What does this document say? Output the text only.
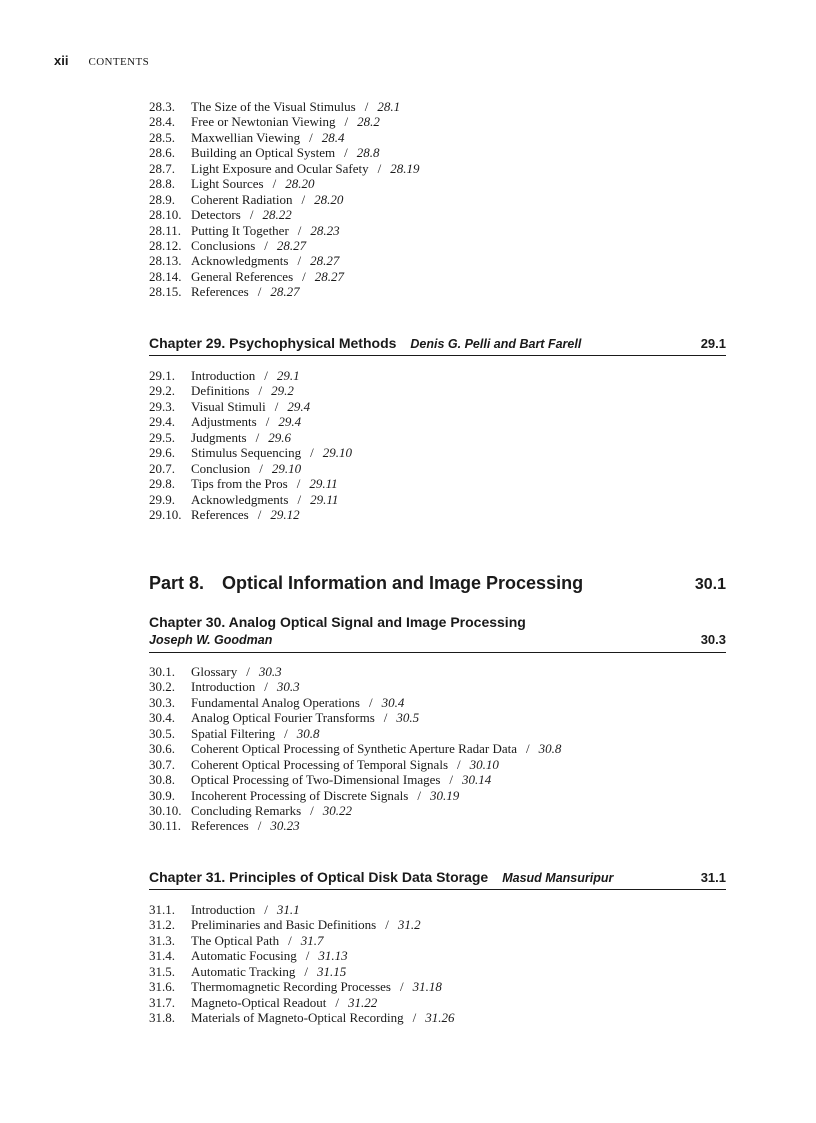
xii CONTENTS
28.3.	The Size of the Visual Stimulus / 28.1
28.4.	Free or Newtonian Viewing / 28.2
28.5.	Maxwellian Viewing / 28.4
28.6.	Building an Optical System / 28.8
28.7.	Light Exposure and Ocular Safety / 28.19
28.8.	Light Sources / 28.20
28.9.	Coherent Radiation / 28.20
28.10. Detectors / 28.22
28.11. Putting It Together / 28.23
28.12. Conclusions / 28.27
28.13. Acknowledgments / 28.27
28.14. General References / 28.27
28.15. References / 28.27
Chapter 29. Psychophysical Methods Denis G. Pelli and Bart Farell	29.1
29.1.	Introduction / 29.1
29.2.	Definitions / 29.2
29.3.	Visual Stimuli / 29.4
29.4.	Adjustments / 29.4
29.5.	Judgments / 29.6
29.6.	Stimulus Sequencing / 29.10
20.7.	Conclusion / 29.10
29.8.	Tips from the Pros / 29.11
29.9.	Acknowledgments / 29.11
29.10. References / 29.12
Part 8. Optical Information and Image Processing	30.1
Chapter 30. Analog Optical Signal and Image Processing
Joseph W. Goodman	30.3
30.1.	Glossary / 30.3
30.2.	Introduction / 30.3
30.3.	Fundamental Analog Operations / 30.4
30.4.	Analog Optical Fourier Transforms / 30.5
30.5.	Spatial Filtering / 30.8
30.6.	Coherent Optical Processing of Synthetic Aperture Radar Data / 30.8
30.7.	Coherent Optical Processing of Temporal Signals / 30.10
30.8.	Optical Processing of Two-Dimensional Images / 30.14
30.9.	Incoherent Processing of Discrete Signals / 30.19
30.10. Concluding Remarks / 30.22
30.11. References / 30.23
Chapter 31. Principles of Optical Disk Data Storage Masud Mansuripur	31.1
31.1.	Introduction / 31.1
31.2.	Preliminaries and Basic Definitions / 31.2
31.3.	The Optical Path / 31.7
31.4.	Automatic Focusing / 31.13
31.5.	Automatic Tracking / 31.15
31.6.	Thermomagnetic Recording Processes / 31.18
31.7.	Magneto-Optical Readout / 31.22
31.8.	Materials of Magneto-Optical Recording / 31.26
